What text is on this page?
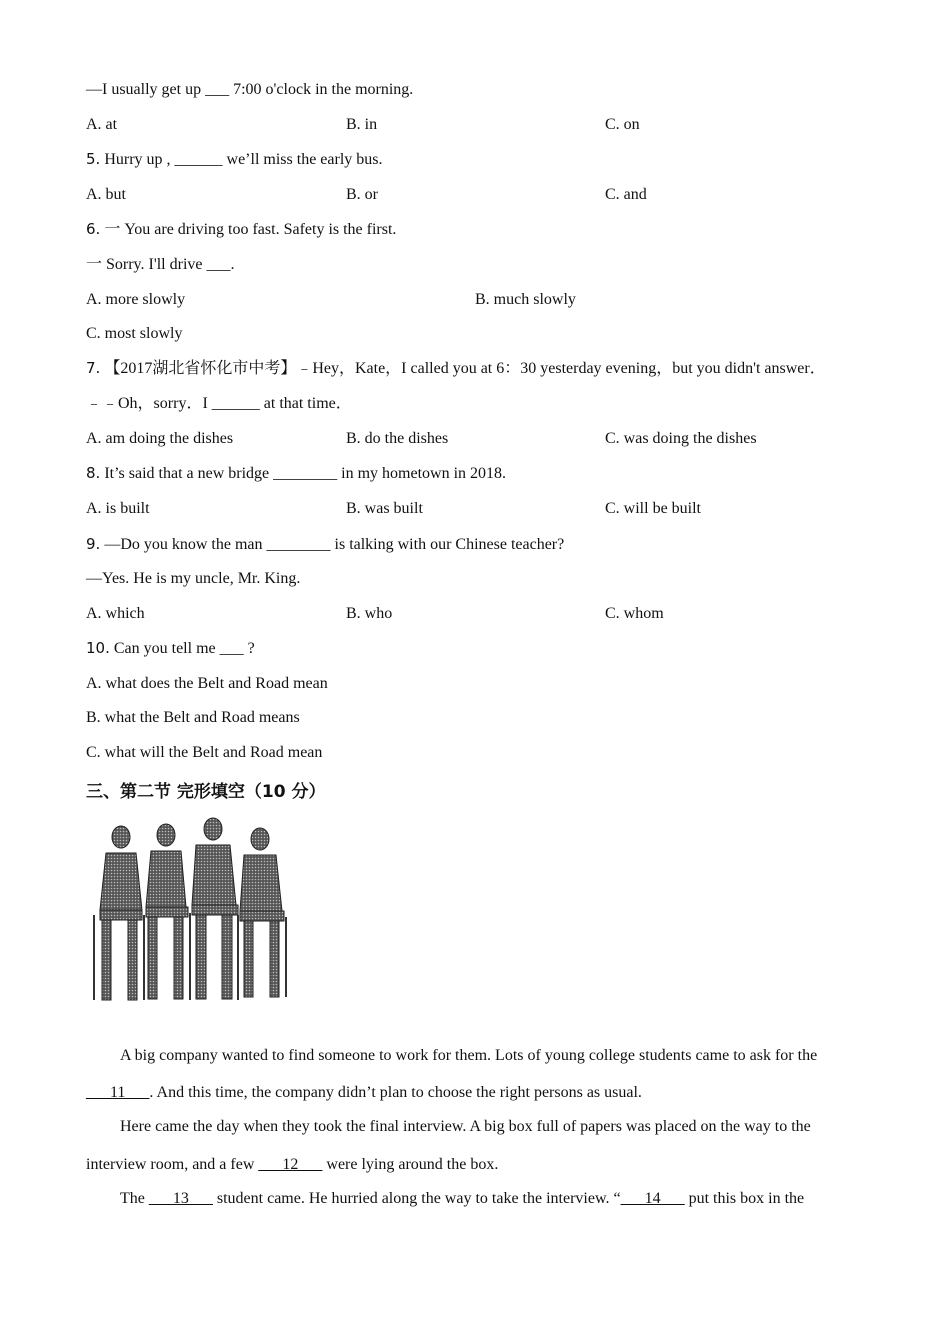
—I usually get up ___ 7:00 o'clock in the morning.
A. at	B. in	C. on
5. Hurry up , ______ we’ll miss the early bus.
A. but	B. or	C. and
6. 一 You are driving too fast. Safety is the first.
一 Sorry. I'll drive ___.
A. more slowly	B. much slowly
C. most slowly
7. 【2017湖北省怀化市中考】﹣Hey，Kate，I called you at 6：30 yesterday evening，but you didn't answer．
﹣﹣Oh，sorry．I ______ at that time．
A. am doing the dishes	B. do the dishes	C. was doing the dishes
8. It’s said that a new bridge ________ in my hometown in 2018.
A. is built	B. was built	C. will be built
9. —Do you know the man ________ is talking with our Chinese teacher?
—Yes. He is my uncle, Mr. King.
A. which	B. who	C. whom
10. Can you tell me ___ ?
A. what does the Belt and Road mean
B. what the Belt and Road means
C. what will the Belt and Road mean
三、第二节 完形填空（10 分）
A big company wanted to find someone to work for them. Lots of young college students came to ask for the
___11___. And this time, the company didn’t plan to choose the right persons as usual.
Here came the day when they took the final interview. A big box full of papers was placed on the way to the
interview room, and a few ___12___ were lying around the box.
The ___13___ student came. He hurried along the way to take the interview. “___14___ put this box in the
